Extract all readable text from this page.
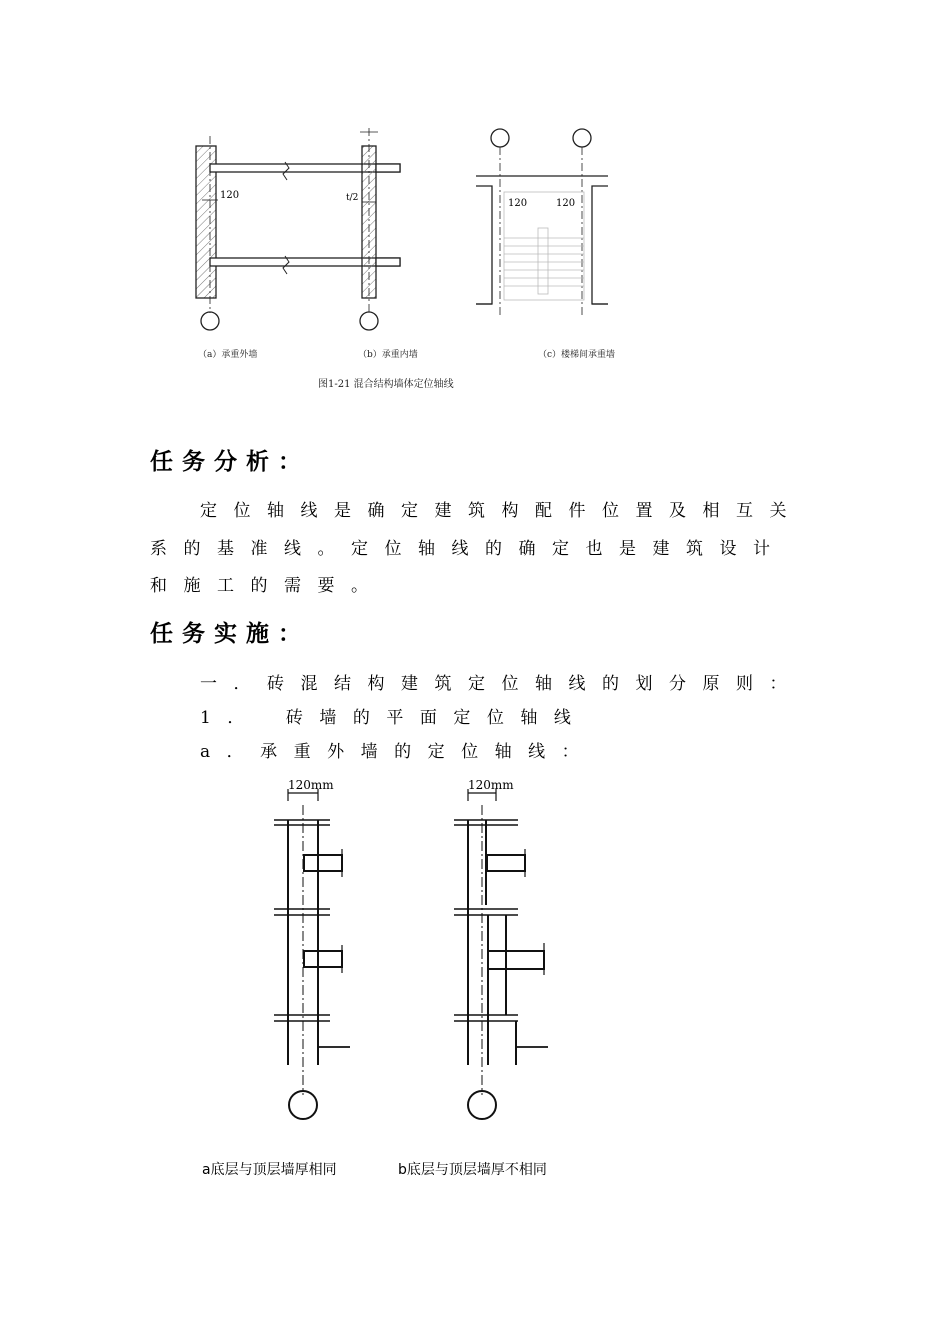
120	t/2	120	120
（a）承重外墙	（b）承重内墙	（c）楼梯间承重墙
图1-21 混合结构墙体定位轴线
任务分析：
定位轴线是确定建筑构配件位置及相互关
系的基准线。定位轴线的确定也是建筑设计
和施工的需要。
任务实施：
一．砖混结构建筑定位轴线的划分原则：
1．　砖墙的平面定位轴线
a．承重外墙的定位轴线：
120mm	120mm
a底层与顶层墙厚相同	b底层与顶层墙厚不相同
